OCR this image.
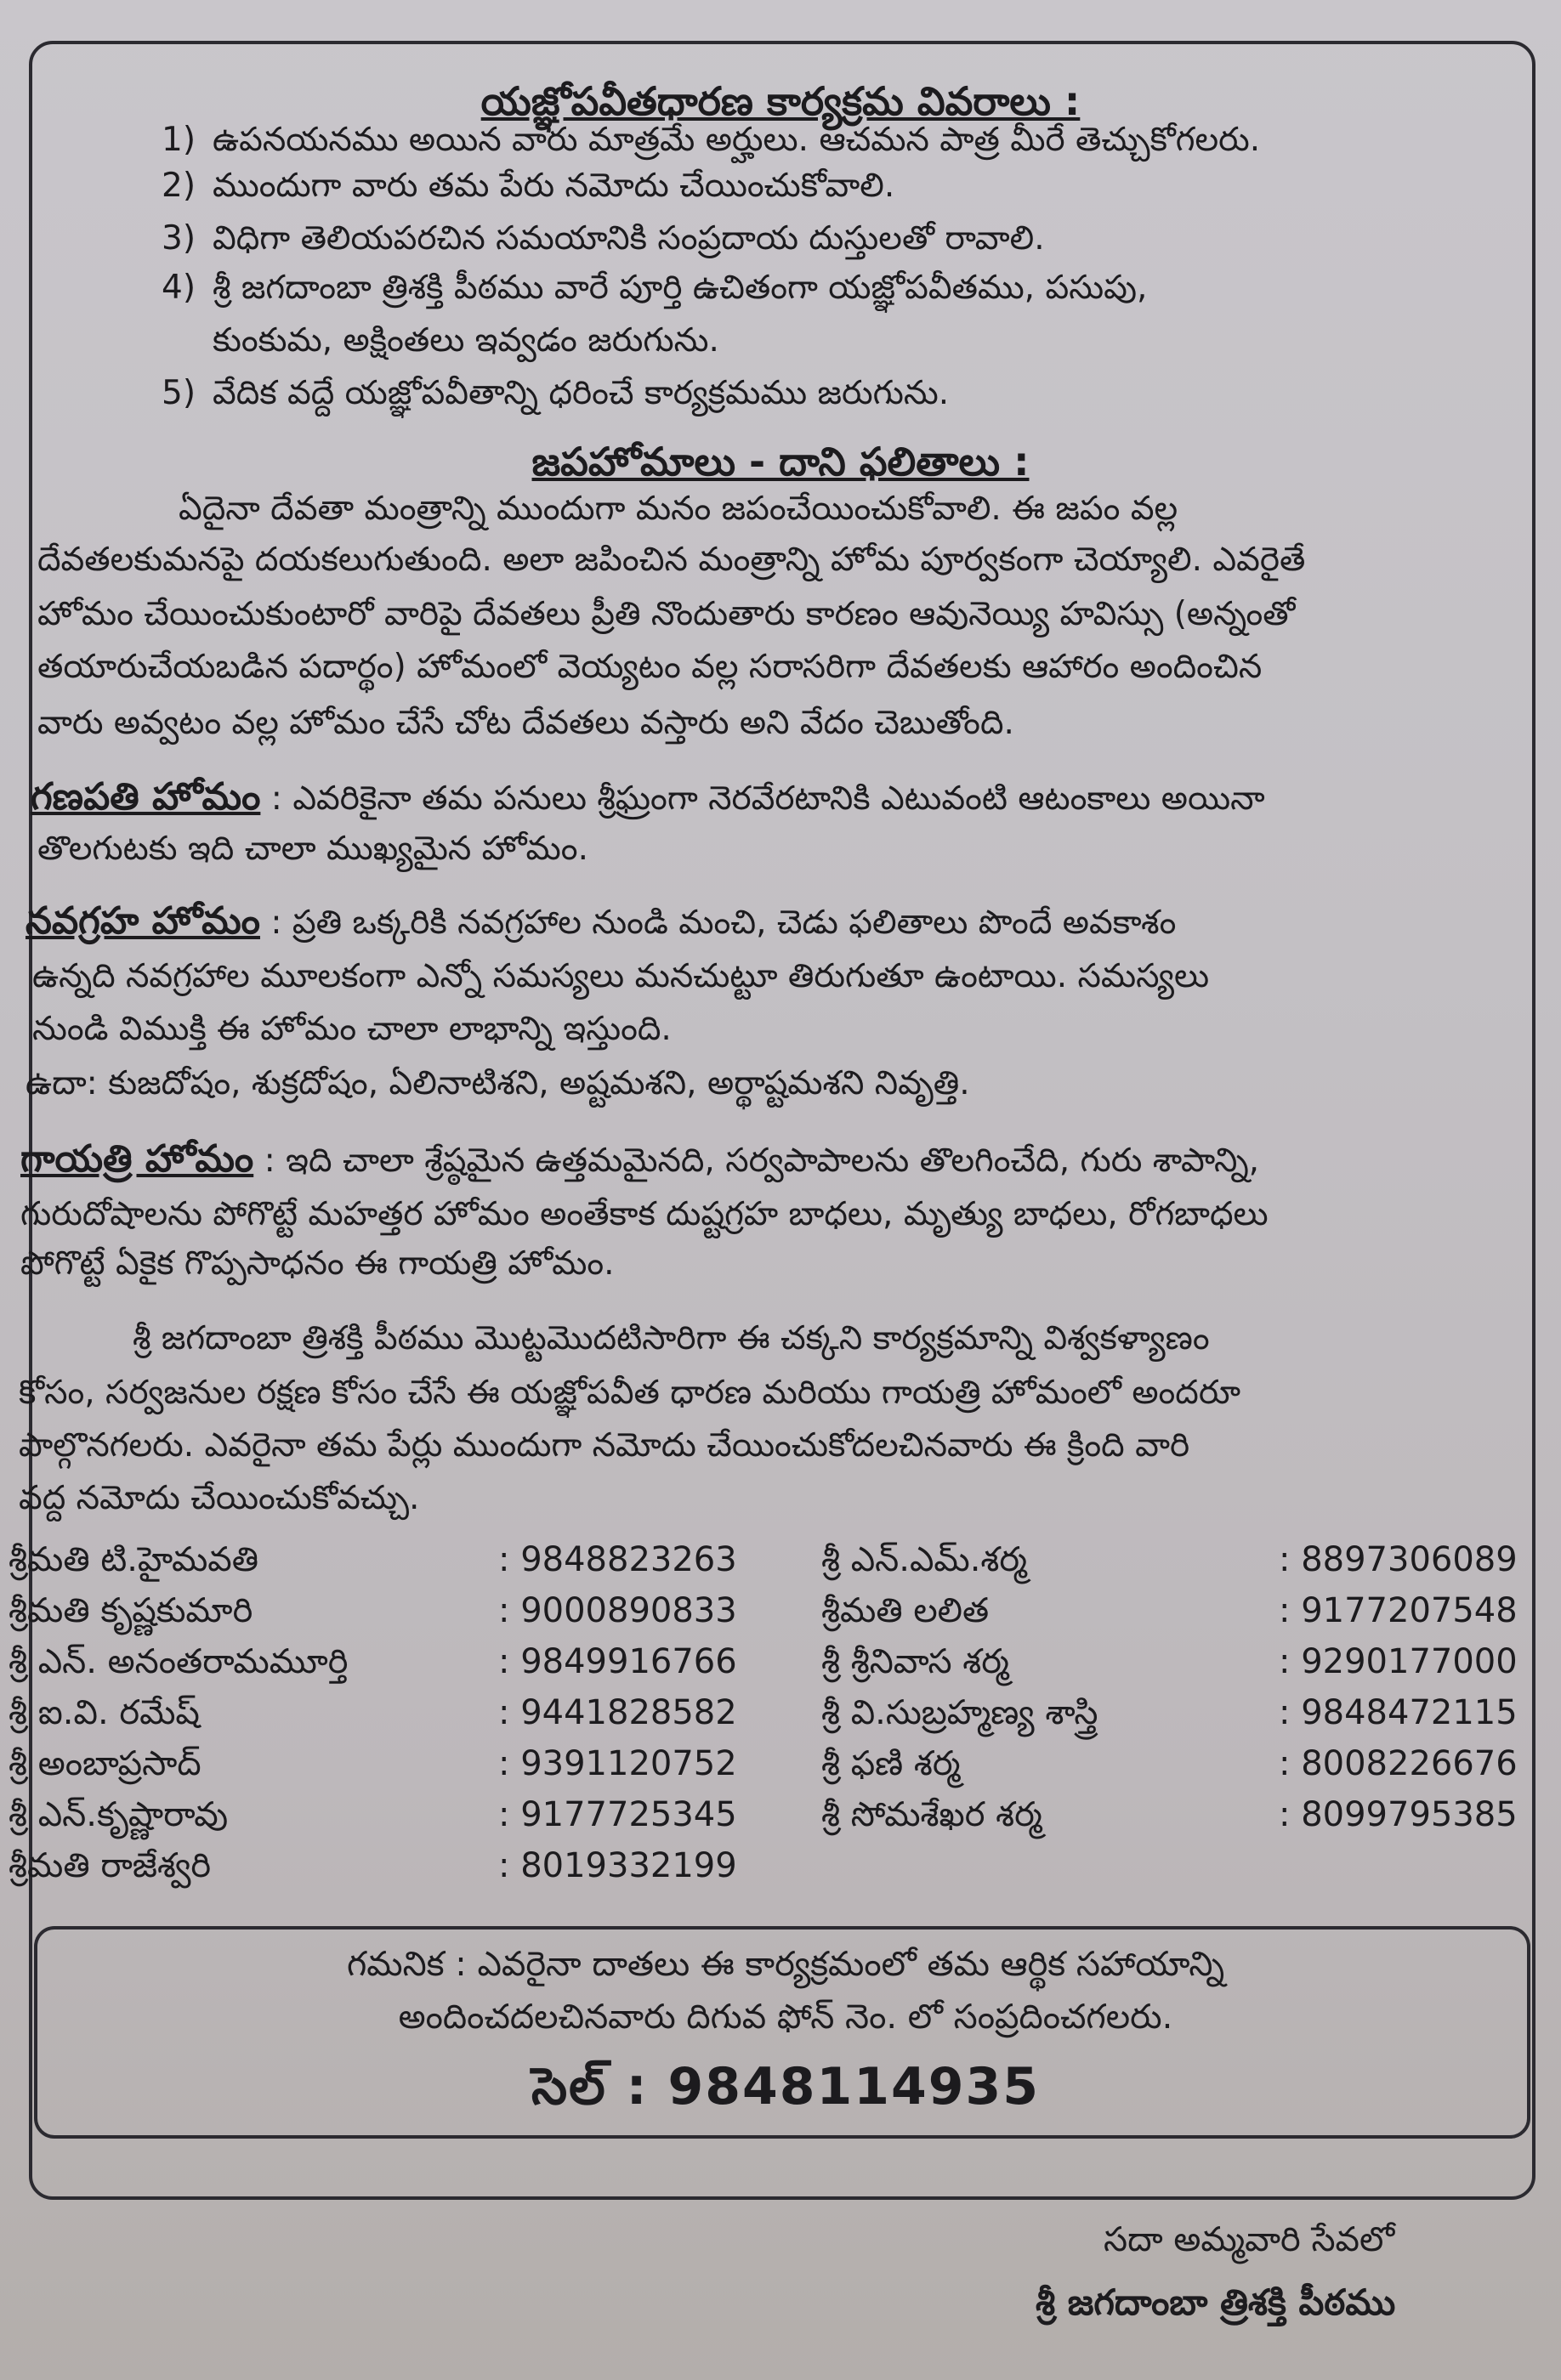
యజ్ఞోపవీతధారణ కార్యక్రమ వివరాలు :
1) ఉపనయనము అయిన వారు మాత్రమే అర్హులు. ఆచమన పాత్ర మీరే తెచ్చుకోగలరు.
2) ముందుగా వారు తమ పేరు నమోదు చేయించుకోవాలి.
3) విధిగా తెలియపరచిన సమయానికి సంప్రదాయ దుస్తులతో రావాలి.
4) శ్రీ జగదాంబా త్రిశక్తి పీఠము వారే పూర్తి ఉచితంగా యజ్ఞోపవీతము, పసుపు,
కుంకుమ, అక్షింతలు ఇవ్వడం జరుగును.
5) వేదిక వద్దే యజ్ఞోపవీతాన్ని ధరించే కార్యక్రమము జరుగును.
జపహోమాలు - దాని ఫలితాలు :
ఏదైనా దేవతా మంత్రాన్ని ముందుగా మనం జపంచేయించుకోవాలి. ఈ జపం వల్ల
దేవతలకుమనపై దయకలుగుతుంది. అలా జపించిన మంత్రాన్ని హోమ పూర్వకంగా చెయ్యాలి. ఎవరైతే
హోమం చేయించుకుంటారో వారిపై దేవతలు ప్రీతి నొందుతారు కారణం ఆవునెయ్యి హవిస్సు (అన్నంతో
తయారుచేయబడిన పదార్థం) హోమంలో వెయ్యటం వల్ల సరాసరిగా దేవతలకు ఆహారం అందించిన
వారు అవ్వటం వల్ల హోమం చేసే చోట దేవతలు వస్తారు అని వేదం చెబుతోంది.
గణపతి హోమం : ఎవరికైనా తమ పనులు శ్రీఘ్రంగా నెరవేరటానికి ఎటువంటి ఆటంకాలు అయినా
తొలగుటకు ఇది చాలా ముఖ్యమైన హోమం.
నవగ్రహ హోమం : ప్రతి ఒక్కరికి నవగ్రహాల నుండి మంచి, చెడు ఫలితాలు పొందే అవకాశం
ఉన్నది నవగ్రహాల మూలకంగా ఎన్నో సమస్యలు మనచుట్టూ తిరుగుతూ ఉంటాయి. సమస్యలు
నుండి విముక్తి ఈ హోమం చాలా లాభాన్ని ఇస్తుంది.
ఉదా: కుజదోషం, శుక్రదోషం, ఏలినాటిశని, అష్టమశని, అర్థాష్టమశని నివృత్తి.
గాయత్రి హోమం : ఇది చాలా శ్రేష్ఠమైన ఉత్తమమైనది, సర్వపాపాలను తొలగించేది, గురు శాపాన్ని,
గురుదోషాలను పోగొట్టే మహత్తర హోమం అంతేకాక దుష్టగ్రహ బాధలు, మృత్యు బాధలు, రోగబాధలు
పోగొట్టే ఏకైక గొప్పసాధనం ఈ గాయత్రి హోమం.
శ్రీ జగదాంబా త్రిశక్తి పీఠము మొట్టమొదటిసారిగా ఈ చక్కని కార్యక్రమాన్ని విశ్వకళ్యాణం
కోసం, సర్వజనుల రక్షణ కోసం చేసే ఈ యజ్ఞోపవీత ధారణ మరియు గాయత్రి హోమంలో అందరూ
పాల్గొనగలరు. ఎవరైనా తమ పేర్లు ముందుగా నమోదు చేయించుకోదలచినవారు ఈ క్రింది వారి
వద్ద నమోదు చేయించుకోవచ్చు.
శ్రీమతి టి.హైమవతి	: 9848823263 శ్రీ ఎన్.ఎమ్.శర్మ	: 8897306089
శ్రీమతి కృష్ణకుమారి	: 9000890833 శ్రీమతి లలిత	: 9177207548
శ్రీ ఎన్. అనంతరామమూర్తి	: 9849916766 శ్రీ శ్రీనివాస శర్మ	: 9290177000
శ్రీ ఐ.వి. రమేష్	: 9441828582 శ్రీ వి.సుబ్రహ్మణ్య శాస్త్రి	: 9848472115
శ్రీ అంబాప్రసాద్	: 9391120752 శ్రీ ఫణి శర్మ	: 8008226676
శ్రీ ఎన్.కృష్ణారావు	: 9177725345 శ్రీ సోమశేఖర శర్మ	: 8099795385
శ్రీమతి రాజేశ్వరి	: 8019332199
గమనిక : ఎవరైనా దాతలు ఈ కార్యక్రమంలో తమ ఆర్థిక సహాయాన్ని
అందించదలచినవారు దిగువ ఫోన్ నెం. లో సంప్రదించగలరు.
సెల్ : 9848114935
సదా అమ్మవారి సేవలో
శ్రీ జగదాంబా త్రిశక్తి పీఠము
